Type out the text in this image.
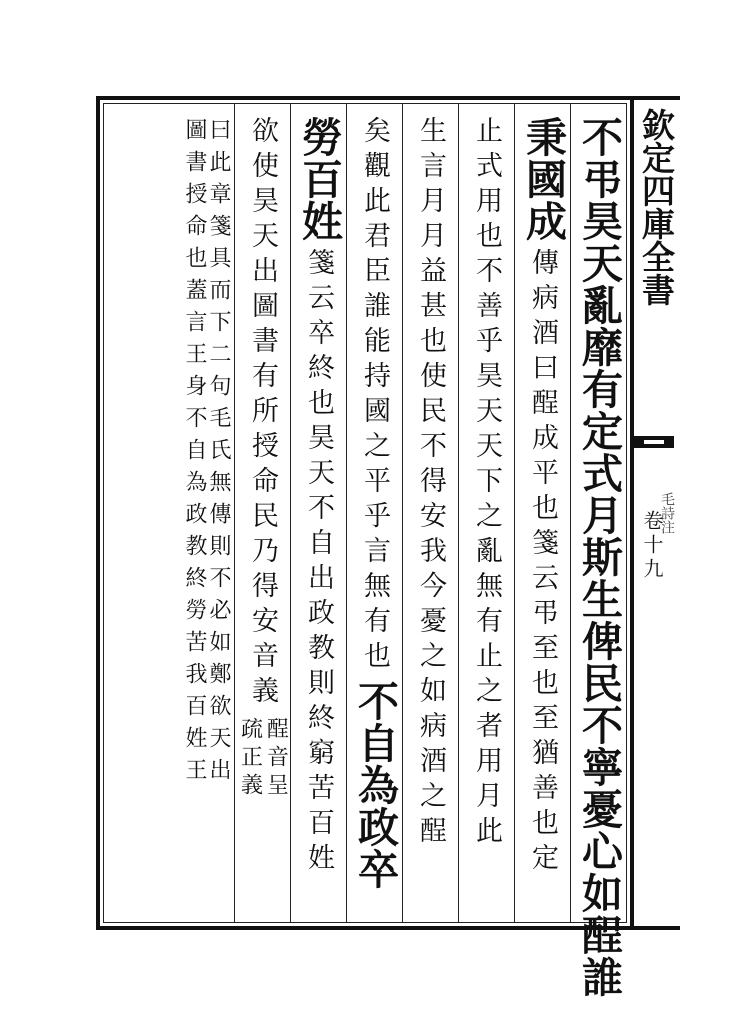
不弔昊天亂靡有定式月斯生俾民不寧憂心如酲誰
秉國成
傳病酒曰酲成平也箋云弔至也至猶善也定
止式用也不善乎昊天天下之亂無有止之者用月此
生言月月益甚也使民不得安我今憂之如病酒之酲
矣觀此君臣誰能持國之平乎言無有也
不自為政卒
勞百姓
箋云卒終也昊天不自出政教則終窮苦百姓
欲使昊天出圖書有所授命民乃得安音義
酲音呈
疏正義
曰此章箋具而下二句毛氏無傳則不必如鄭欲天出
圖書授命也蓋言王身不自為政教終勞苦我百姓王	欽定四庫全書
毛詩注
卷十九
